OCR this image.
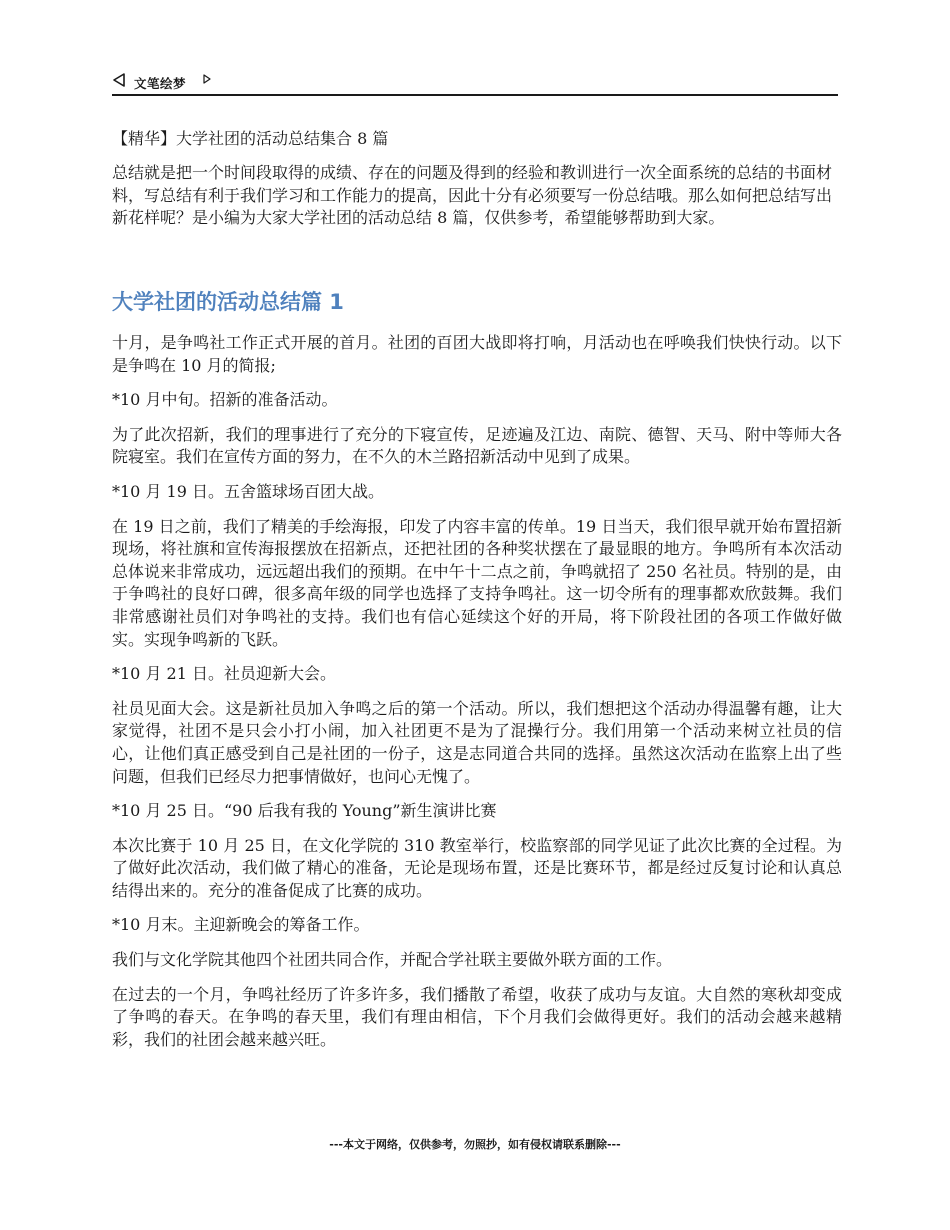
文笔绘梦
【精华】大学社团的活动总结集合 8 篇
总结就是把一个时间段取得的成绩、存在的问题及得到的经验和教训进行一次全面系统的总结的书面材料，写总结有利于我们学习和工作能力的提高，因此十分有必须要写一份总结哦。那么如何把总结写出新花样呢？是小编为大家大学社团的活动总结 8 篇，仅供参考，希望能够帮助到大家。
大学社团的活动总结篇 1

十月，是争鸣社工作正式开展的首月。社团的百团大战即将打响，月活动也在呼唤我们快快行动。以下是争鸣在 10 月的简报;

*10 月中旬。招新的准备活动。

为了此次招新，我们的理事进行了充分的下寝宣传，足迹遍及江边、南院、德智、天马、附中等师大各院寝室。我们在宣传方面的努力，在不久的木兰路招新活动中见到了成果。

*10 月 19 日。五舍篮球场百团大战。

在 19 日之前，我们了精美的手绘海报，印发了内容丰富的传单。19 日当天，我们很早就开始布置招新现场，将社旗和宣传海报摆放在招新点，还把社团的各种奖状摆在了最显眼的地方。争鸣所有本次活动总体说来非常成功，远远超出我们的预期。在中午十二点之前，争鸣就招了 250 名社员。特别的是，由于争鸣社的良好口碑，很多高年级的同学也选择了支持争鸣社。这一切令所有的理事都欢欣鼓舞。我们非常感谢社员们对争鸣社的支持。我们也有信心延续这个好的开局，将下阶段社团的各项工作做好做实。实现争鸣新的飞跃。

*10 月 21 日。社员迎新大会。

社员见面大会。这是新社员加入争鸣之后的第一个活动。所以，我们想把这个活动办得温馨有趣，让大家觉得，社团不是只会小打小闹，加入社团更不是为了混操行分。我们用第一个活动来树立社员的信心，让他们真正感受到自己是社团的一份子，这是志同道合共同的选择。虽然这次活动在监察上出了些问题，但我们已经尽力把事情做好，也问心无愧了。

*10 月 25 日。“90 后我有我的 Young”新生演讲比赛

本次比赛于 10 月 25 日，在文化学院的 310 教室举行，校监察部的同学见证了此次比赛的全过程。为了做好此次活动，我们做了精心的准备，无论是现场布置，还是比赛环节，都是经过反复讨论和认真总结得出来的。充分的准备促成了比赛的成功。

*10 月末。主迎新晚会的筹备工作。

我们与文化学院其他四个社团共同合作，并配合学社联主要做外联方面的工作。

在过去的一个月，争鸣社经历了许多许多，我们播散了希望，收获了成功与友谊。大自然的寒秋却变成了争鸣的春天。在争鸣的春天里，我们有理由相信，下个月我们会做得更好。我们的活动会越来越精彩，我们的社团会越来越兴旺。

---本文于网络，仅供参考，勿照抄，如有侵权请联系删除---
